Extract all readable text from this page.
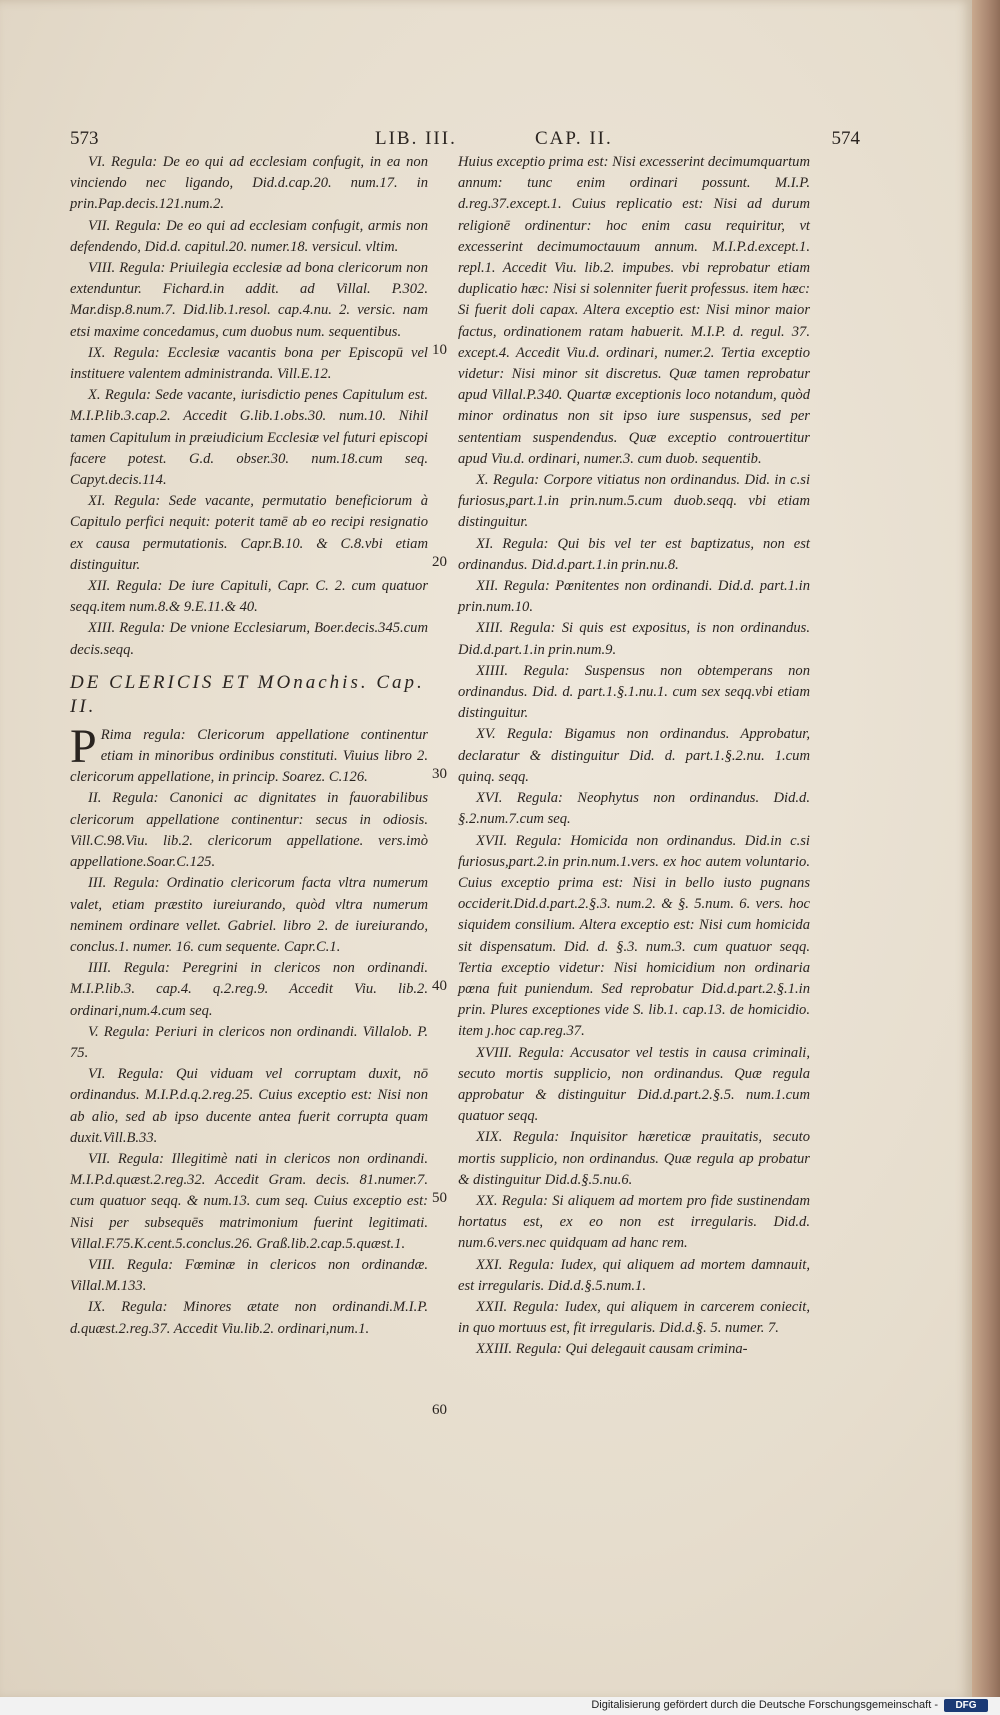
573	LIB. III.	CAP. II.	574

VI. Regula: De eo qui ad ecclesiam confugit, in ea non vinciendo nec ligando, Did.d.cap.20. num.17. in prin.Pap.decis.121.num.2.

VII. Regula: De eo qui ad ecclesiam confugit, armis non defendendo, Did.d. capitul.20. numer.18. versicul. vltim.

VIII. Regula: Priuilegia ecclesiæ ad bona clericorum non extenduntur. Fichard.in addit. ad Villal. P.302. Mar.disp.8.num.7. Did.lib.1.resol. cap.4.nu. 2. versic. nam etsi maxime concedamus, cum duobus num. sequentibus.

IX. Regula: Ecclesiæ vacantis bona per Episcopū vel instituere valentem administranda. Vill.E.12.

X. Regula: Sede vacante, iurisdictio penes Capitulum est. M.I.P.lib.3.cap.2. Accedit G.lib.1.obs.30. num.10. Nihil tamen Capitulum in præiudicium Ecclesiæ vel futuri episcopi facere potest. G.d. obser.30. num.18.cum seq. Capyt.decis.114.

XI. Regula: Sede vacante, permutatio beneficiorum à Capitulo perfici nequit: poterit tamē ab eo recipi resignatio ex causa permutationis. Capr.B.10. & C.8.vbi etiam distinguitur.

XII. Regula: De iure Capituli, Capr. C. 2. cum quatuor seqq.item num.8.& 9.E.11.& 40.

XIII. Regula: De vnione Ecclesiarum, Boer.decis.345.cum decis.seqq.

DE CLERICIS ET MOnachis. Cap. II.

P Rima regula: Clericorum appellatione continentur etiam in minoribus ordinibus constituti. Viuius libro 2. clericorum appellatione, in princip. Soarez. C.126.

II. Regula: Canonici ac dignitates in fauorabilibus clericorum appellatione continentur: secus in odiosis. Vill.C.98.Viu. lib.2. clericorum appellatione. vers.imò appellatione.Soar.C.125.

III. Regula: Ordinatio clericorum facta vltra numerum valet, etiam præstito iureiurando, quòd vltra numerum neminem ordinare vellet. Gabriel. libro 2. de iureiurando, conclus.1. numer. 16. cum sequente. Capr.C.1.

IIII. Regula: Peregrini in clericos non ordinandi. M.I.P.lib.3. cap.4. q.2.reg.9. Accedit Viu. lib.2. ordinari,num.4.cum seq.

V. Regula: Periuri in clericos non ordinandi. Villalob. P. 75.

VI. Regula: Qui viduam vel corruptam duxit, nō ordinandus. M.I.P.d.q.2.reg.25. Cuius exceptio est: Nisi non ab alio, sed ab ipso ducente antea fuerit corrupta quam duxit.Vill.B.33.

VII. Regula: Illegitimè nati in clericos non ordinandi. M.I.P.d.quæst.2.reg.32. Accedit Gram. decis. 81.numer.7. cum quatuor seqq. & num.13. cum seq. Cuius exceptio est: Nisi per subsequēs matrimonium fuerint legitimati. Villal.F.75.K.cent.5.conclus.26. Graß.lib.2.cap.5.quæst.1.

VIII. Regula: Fœminæ in clericos non ordinandæ. Villal.M.133.

IX. Regula: Minores ætate non ordinandi.M.I.P. d.quæst.2.reg.37. Accedit Viu.lib.2. ordinari,num.1.

10
20
30
40
50
60

Huius exceptio prima est: Nisi excesserint decimumquartum annum: tunc enim ordinari possunt. M.I.P. d.reg.37.except.1. Cuius replicatio est: Nisi ad durum religionē ordinentur: hoc enim casu requiritur, vt excesserint decimumoctauum annum. M.I.P.d.except.1. repl.1. Accedit Viu. lib.2. impubes. vbi reprobatur etiam duplicatio hæc: Nisi si solenniter fuerit professus. item hæc: Si fuerit doli capax. Altera exceptio est: Nisi minor maior factus, ordinationem ratam habuerit. M.I.P. d. regul. 37. except.4. Accedit Viu.d. ordinari, numer.2. Tertia exceptio videtur: Nisi minor sit discretus. Quæ tamen reprobatur apud Villal.P.340. Quartæ exceptionis loco notandum, quòd minor ordinatus non sit ipso iure suspensus, sed per sententiam suspendendus. Quæ exceptio controuertitur apud Viu.d. ordinari, numer.3. cum duob. sequentib.

X. Regula: Corpore vitiatus non ordinandus. Did. in c.si furiosus,part.1.in prin.num.5.cum duob.seqq. vbi etiam distinguitur.

XI. Regula: Qui bis vel ter est baptizatus, non est ordinandus. Did.d.part.1.in prin.nu.8.

XII. Regula: Pœnitentes non ordinandi. Did.d. part.1.in prin.num.10.

XIII. Regula: Si quis est expositus, is non ordinandus. Did.d.part.1.in prin.num.9.

XIIII. Regula: Suspensus non obtemperans non ordinandus. Did. d. part.1.§.1.nu.1. cum sex seqq.vbi etiam distinguitur.

XV. Regula: Bigamus non ordinandus. Approbatur, declaratur & distinguitur Did. d. part.1.§.2.nu. 1.cum quinq. seqq.

XVI. Regula: Neophytus non ordinandus. Did.d. §.2.num.7.cum seq.

XVII. Regula: Homicida non ordinandus. Did.in c.si furiosus,part.2.in prin.num.1.vers. ex hoc autem voluntario. Cuius exceptio prima est: Nisi in bello iusto pugnans occiderit.Did.d.part.2.§.3. num.2. & §. 5.num. 6. vers. hoc siquidem consilium. Altera exceptio est: Nisi cum homicida sit dispensatum. Did. d. §.3. num.3. cum quatuor seqq. Tertia exceptio videtur: Nisi homicidium non ordinaria pœna fuit puniendum. Sed reprobatur Did.d.part.2.§.1.in prin. Plures exceptiones vide S. lib.1. cap.13. de homicidio. item ȷ.hoc cap.reg.37.

XVIII. Regula: Accusator vel testis in causa criminali, secuto mortis supplicio, non ordinandus. Quæ regula approbatur & distinguitur Did.d.part.2.§.5. num.1.cum quatuor seqq.

XIX. Regula: Inquisitor hæreticæ prauitatis, secuto mortis supplicio, non ordinandus. Quæ regula ap probatur & distinguitur Did.d.§.5.nu.6.

XX. Regula: Si aliquem ad mortem pro fide sustinendam hortatus est, ex eo non est irregularis. Did.d. num.6.vers.nec quidquam ad hanc rem.

XXI. Regula: Iudex, qui aliquem ad mortem damnauit, est irregularis. Did.d.§.5.num.1.

XXII. Regula: Iudex, qui aliquem in carcerem coniecit, in quo mortuus est, fit irregularis. Did.d.§. 5. numer. 7.

XXIII. Regula: Qui delegauit causam crimina-

Digitalisierung gefördert durch die Deutsche Forschungsgemeinschaft -	DFG
